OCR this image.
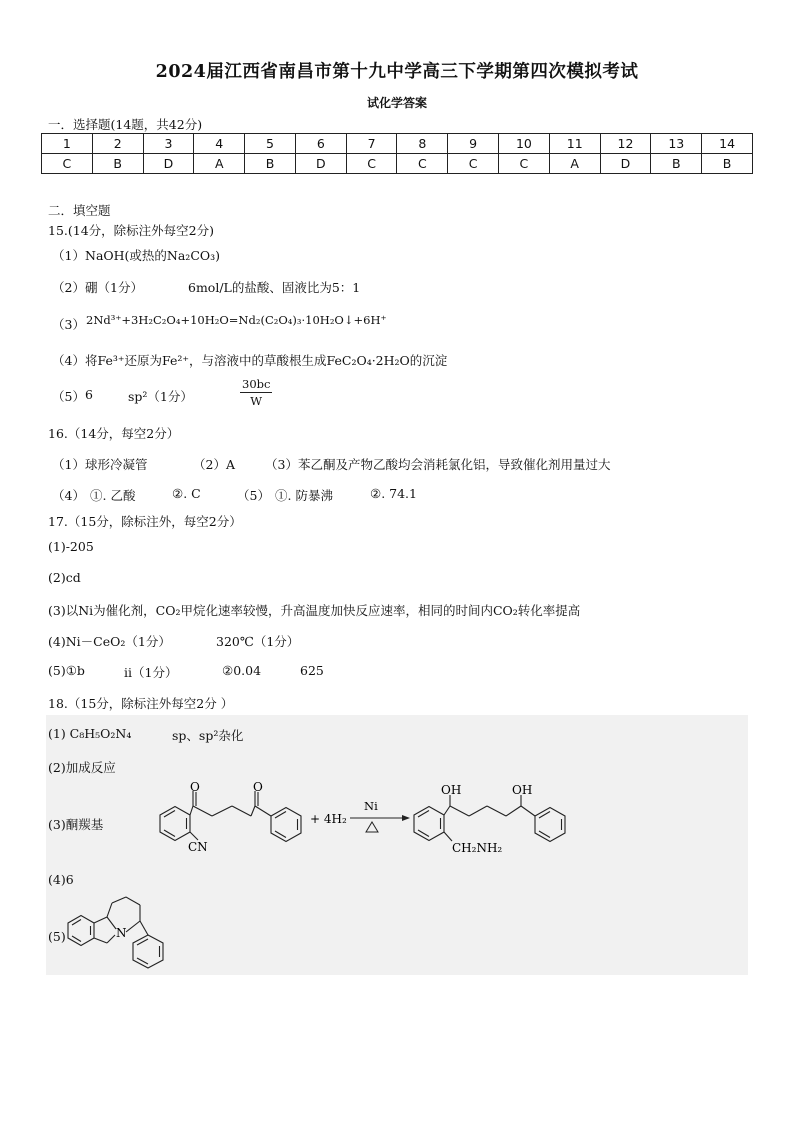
2024届江西省南昌市第十九中学高三下学期第四次模拟考试
试化学答案
一．选择题(14题，共42分)
1	2	3	4	5	6	7	8	9	10	11	12	13	14
C	B	D	A	B	D	C	C	C	C	A	D	B	B
二．填空题
15.(14分，除标注外每空2分)
（1） NaOH(或热的Na₂CO₃)
（2） 硼（1分）	6mol/L的盐酸、固液比为5：1
（3） 2Nd³⁺+3H₂C₂O₄+10H₂O=Nd₂(C₂O₄)₃·10H₂O↓+6H⁺
（4） 将Fe³⁺还原为Fe²⁺，与溶液中的草酸根生成FeC₂O₄·2H₂O的沉淀
（5） 6	sp²（1分）	$\frac{30bc}{W}$
16.（14分，每空2分）
（1）球形冷凝管	（2）A （3）苯乙酮及产物乙酸均会消耗氯化铝，导致催化剂用量过大
（4） ①. 乙酸	②. C	（5） ①. 防暴沸	②. 74.1
17.（15分，除标注外，每空2分）
(1)-205
(2)cd
(3)以Ni为催化剂，CO₂甲烷化速率较慢，升高温度加快反应速率，相同的时间内CO₂转化率提高
(4)Ni－CeO₂（1分）	320℃（1分）
(5)①b	ii（1分）	②0.04	625
18.（15分，除标注外每空2分 ）
(1) C₈H₅O₂N₄	sp、sp²杂化
(2)加成反应
(3)酮羰基
O	O
CN
+ 4H₂
Ni
OH	OH
CH₂NH₂
(4)6
(5)	N
